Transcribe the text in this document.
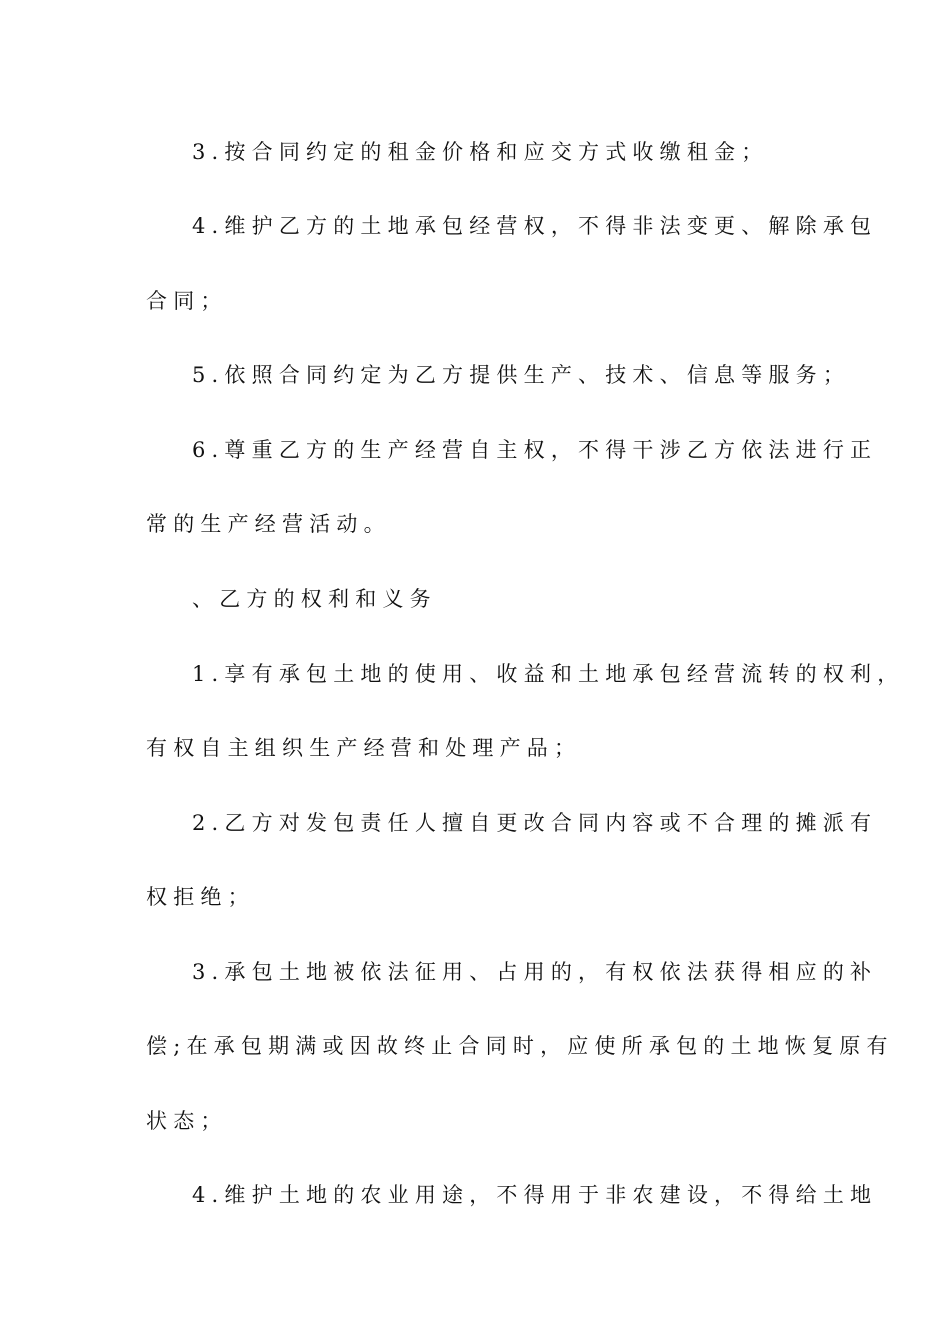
3.按合同约定的租金价格和应交方式收缴租金；
4.维护乙方的土地承包经营权，不得非法变更、解除承包
合同；
5.依照合同约定为乙方提供生产、技术、信息等服务；
6.尊重乙方的生产经营自主权，不得干涉乙方依法进行正
常的生产经营活动。
、乙方的权利和义务
1.享有承包土地的使用、收益和土地承包经营流转的权利，
有权自主组织生产经营和处理产品；
2.乙方对发包责任人擅自更改合同内容或不合理的摊派有
权拒绝；
3.承包土地被依法征用、占用的，有权依法获得相应的补
偿;在承包期满或因故终止合同时，应使所承包的土地恢复原有
状态；
4.维护土地的农业用途，不得用于非农建设，不得给土地
